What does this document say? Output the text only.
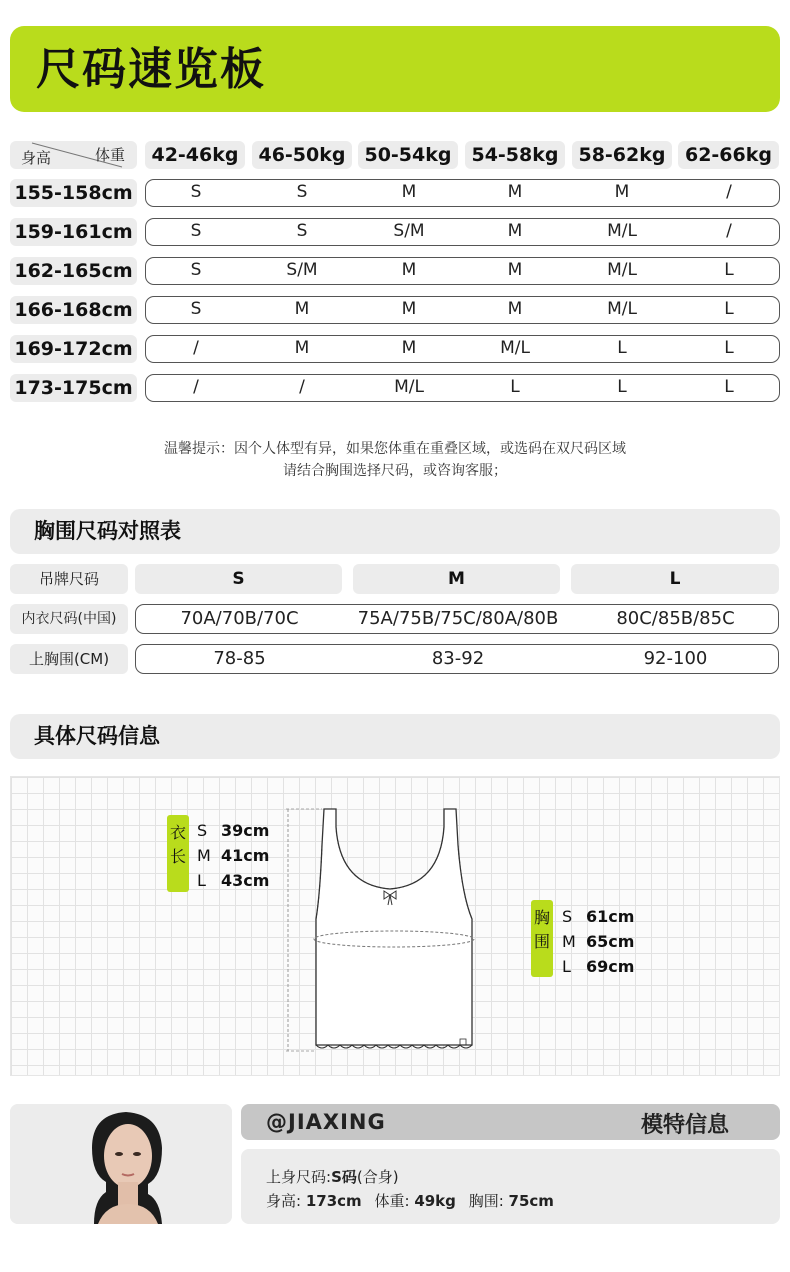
尺码速览板
身高	体重	42-46kg	46-50kg 50-54kg	54-58kg	58-62kg	62-66kg
155-158cm	S	S	M	M	M	/
159-161cm	S	S	S/M	M	M/L	/
162-165cm	S	S/M	M	M	M/L	L
166-168cm	S	M	M	M	M/L	L
169-172cm	/	M	M	M/L	L	L
173-175cm	/	/	M/L	L	L	L
温馨提示：因个人体型有异，如果您体重在重叠区域，或选码在双尺码区域
请结合胸围选择尺码，或咨询客服；
胸围尺码对照表
吊牌尺码	S	M	L
内衣尺码(中国)	70A/70B/70C	75A/75B/75C/80A/80B	80C/85B/85C
上胸围(CM)	78-85	83-92	92-100
具体尺码信息
衣
长
S 39cm
M 41cm
L 43cm
胸
围
S 61cm
M 65cm
L 69cm
@JIAXING	模特信息
上身尺码:S码(合身)
身高: 173cm 体重: 49kg 胸围: 75cm
